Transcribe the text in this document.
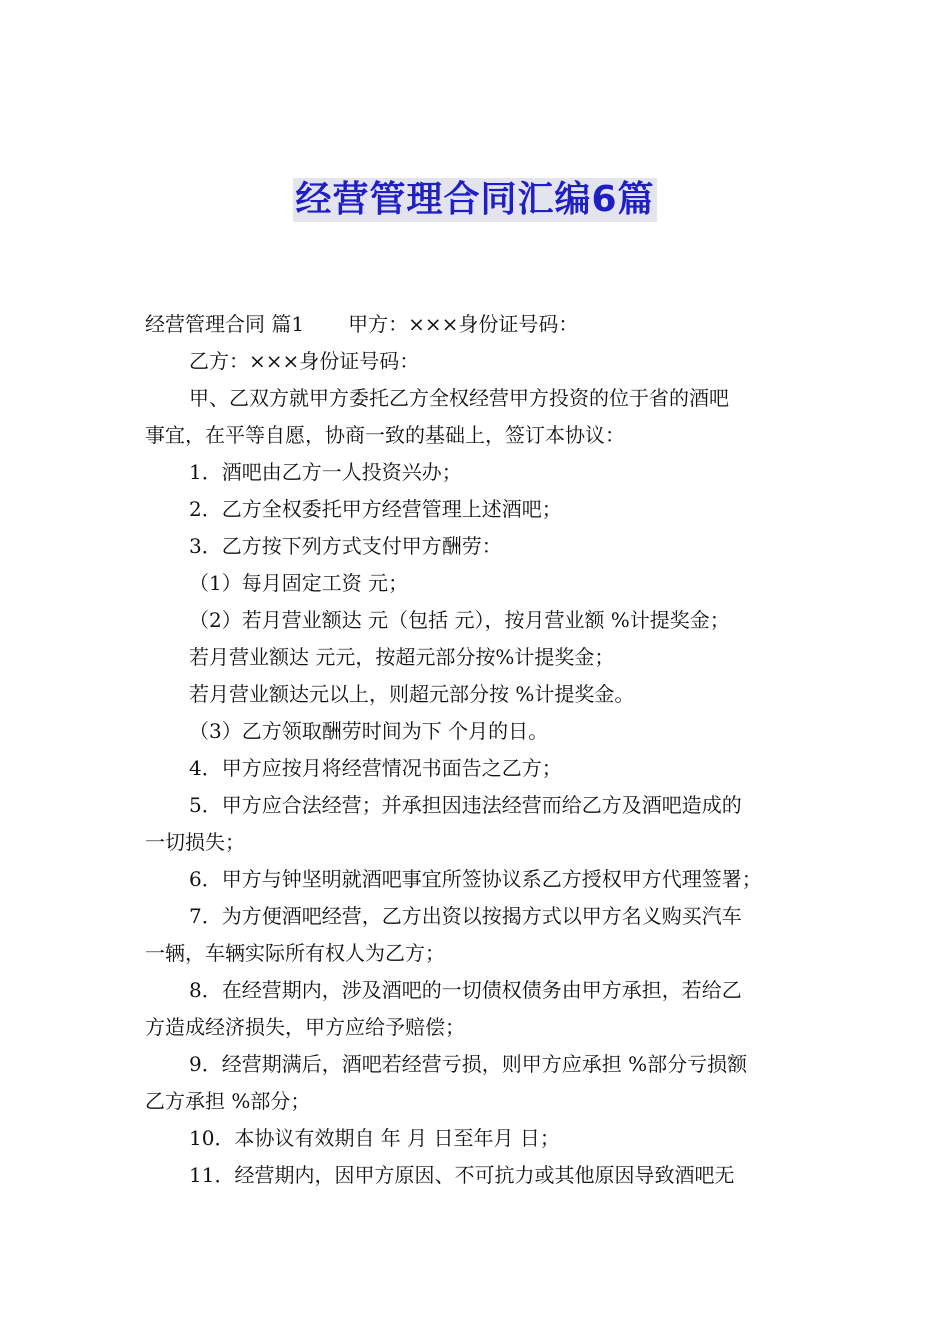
经营管理合同汇编6篇
经营管理合同 篇1 甲方：×××身份证号码：
乙方：×××身份证号码：
甲、乙双方就甲方委托乙方全权经营甲方投资的位于省的酒吧
事宜，在平等自愿，协商一致的基础上，签订本协议：
1．酒吧由乙方一人投资兴办；
2．乙方全权委托甲方经营管理上述酒吧；
3．乙方按下列方式支付甲方酬劳：
（1）每月固定工资 元；
（2）若月营业额达 元（包括 元），按月营业额 %计提奖金；
若月营业额达 元元，按超元部分按%计提奖金；
若月营业额达元以上，则超元部分按 %计提奖金。
（3）乙方领取酬劳时间为下 个月的日。
4．甲方应按月将经营情况书面告之乙方；
5．甲方应合法经营；并承担因违法经营而给乙方及酒吧造成的
一切损失；
6．甲方与钟坚明就酒吧事宜所签协议系乙方授权甲方代理签署；
7．为方便酒吧经营，乙方出资以按揭方式以甲方名义购买汽车
一辆，车辆实际所有权人为乙方；
8．在经营期内，涉及酒吧的一切债权债务由甲方承担，若给乙
方造成经济损失，甲方应给予赔偿；
9．经营期满后，酒吧若经营亏损，则甲方应承担 %部分亏损额
乙方承担 %部分；
10．本协议有效期自 年 月 日至年月 日；
11．经营期内，因甲方原因、不可抗力或其他原因导致酒吧无
